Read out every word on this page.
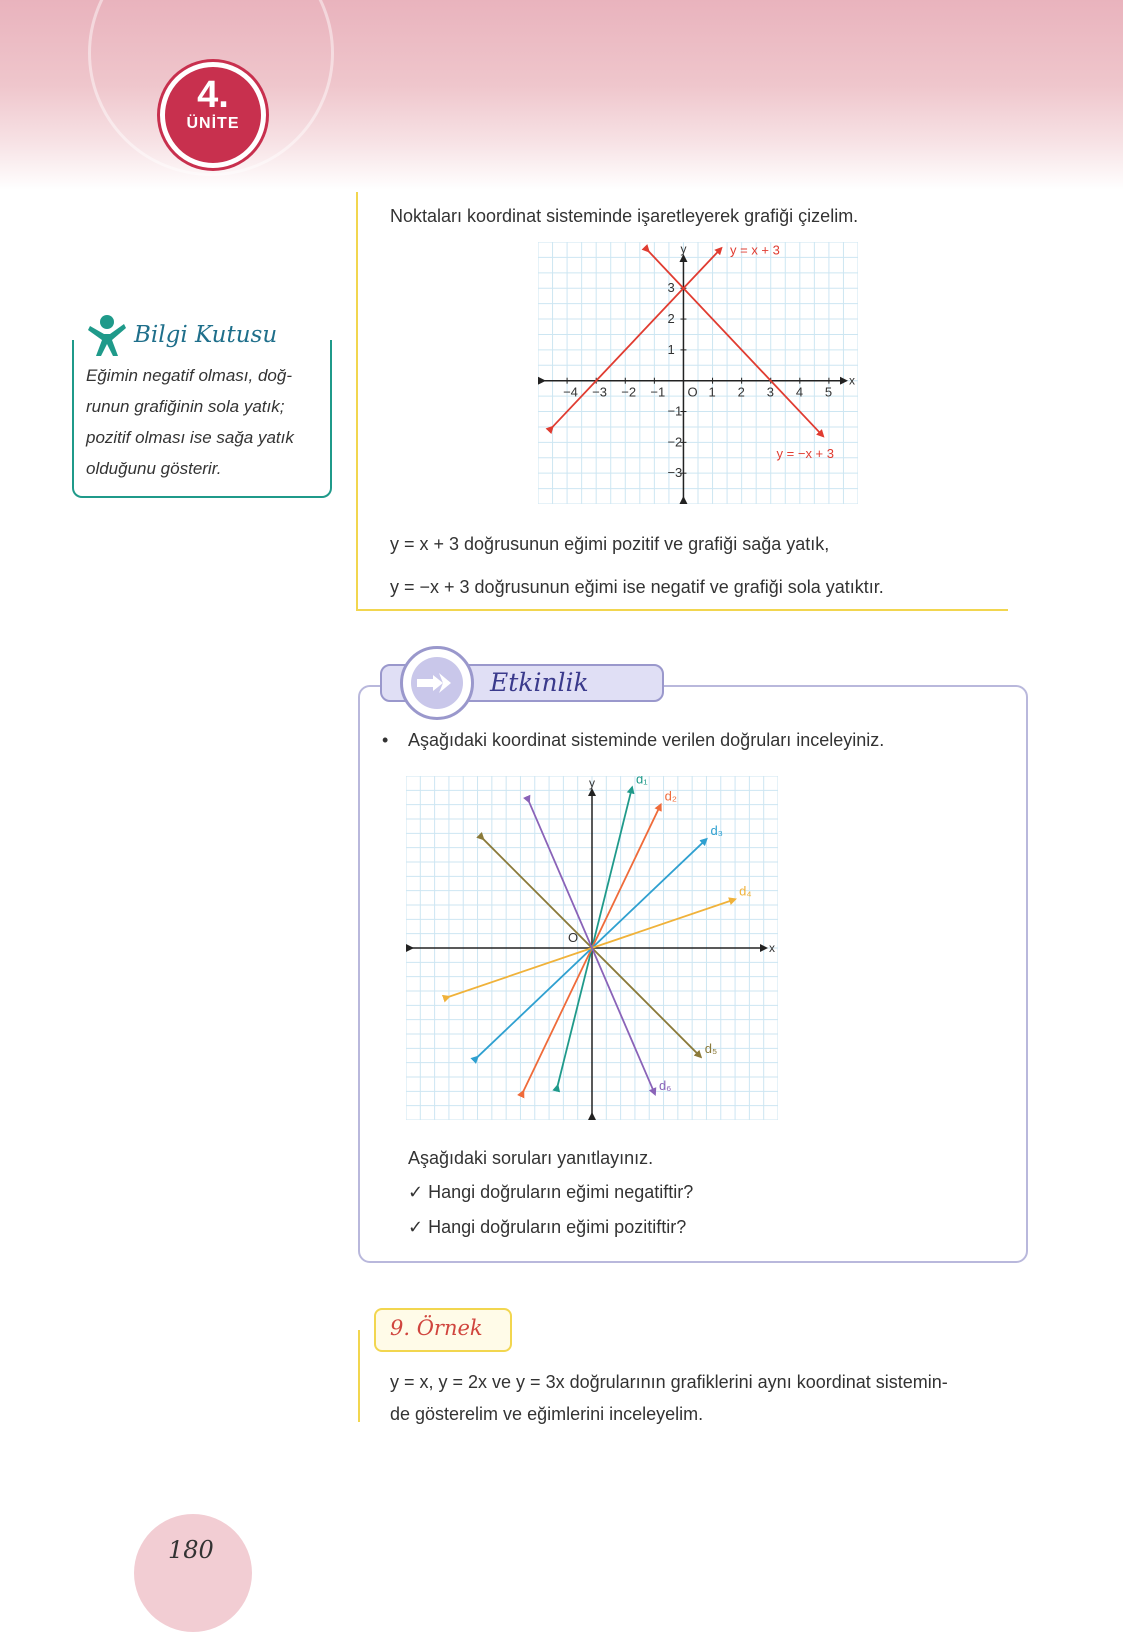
4.
ÜNİTE
Noktaları koordinat sisteminde işaretleyerek grafiği çizelim.
x
y
O
−4 −3 −2 −1	1 2 3 4 5
−3
−2
−1
1
2
3
y = x + 3
y = −x + 3
y = x + 3 doğrusunun eğimi pozitif ve grafiği sağa yatık,
y = −x + 3 doğrusunun eğimi ise negatif ve grafiği sola yatıktır.
Bilgi Kutusu
Eğimin negatif olması, doğ-
runun grafiğinin sola yatık;
pozitif olması ise sağa yatık
olduğunu gösterir.
Etkinlik
• Aşağıdaki koordinat sisteminde verilen doğruları inceleyiniz.
x
y
O
d₁
d₂
d₃
d₄
d₅
d₆
Aşağıdaki soruları yanıtlayınız.
✓ Hangi doğruların eğimi negatiftir?
✓ Hangi doğruların eğimi pozitiftir?
9. Örnek
y = x, y = 2x ve y = 3x doğrularının grafiklerini aynı koordinat sistemin-
de gösterelim ve eğimlerini inceleyelim.
180
